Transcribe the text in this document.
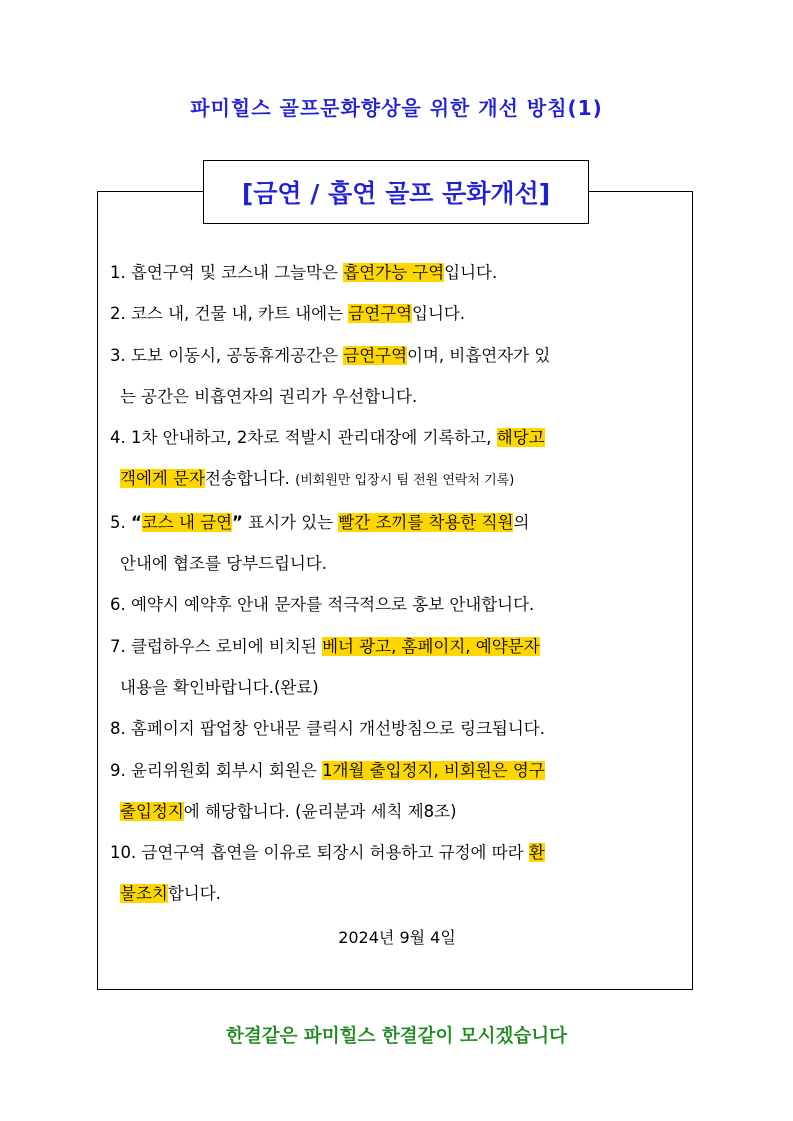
파미힐스 골프문화향상을 위한 개선 방침(1)
[금연 / 흡연 골프 문화개선]

1. 흡연구역 및 코스내 그늘막은 흡연가능 구역입니다.

2. 코스 내, 건물 내, 카트 내에는 금연구역입니다.

3. 도보 이동시, 공동휴게공간은 금연구역이며, 비흡연자가 있
는 공간은 비흡연자의 권리가 우선합니다.

4. 1차 안내하고, 2차로 적발시 관리대장에 기록하고, 해당고
객에게 문자전송합니다. (비회원만 입장시 팀 전원 연락처 기록)

5. “코스 내 금연” 표시가 있는 빨간 조끼를 착용한 직원의
안내에 협조를 당부드립니다.

6. 예약시 예약후 안내 문자를 적극적으로 홍보 안내합니다.

7. 클럽하우스 로비에 비치된 베너 광고, 홈페이지, 예약문자
내용을 확인바랍니다.(완료)

8. 홈페이지 팝업창 안내문 클릭시 개선방침으로 링크됩니다.

9. 윤리위원회 회부시 회원은 1개월 출입정지, 비회원은 영구
출입정지에 해당합니다. (윤리분과 세칙 제8조)

10. 금연구역 흡연을 이유로 퇴장시 허용하고 규정에 따라 환
불조치합니다.

2024년 9월 4일

한결같은 파미힐스 한결같이 모시겠습니다
